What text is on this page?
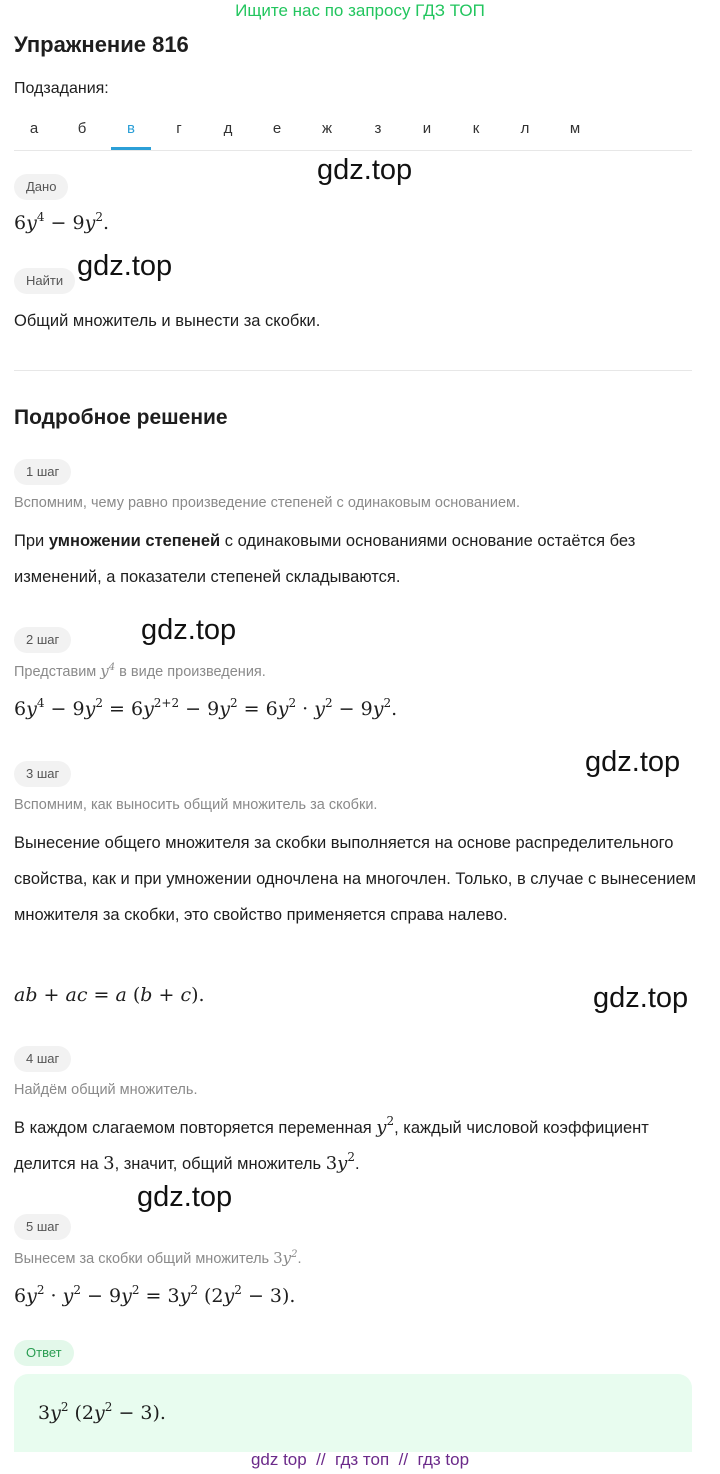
Ищите нас по запросу ГДЗ ТОП
Упражнение 816
Подзадания:
а	б	в	г	д	е	ж	з	и	к	л	м
gdz.top
gdz.top
gdz.top
gdz.top
gdz.top
gdz.top
Дано
$6y^4 - 9y^2$.
Найти
Общий множитель и вынести за скобки.
Подробное решение
1 шаг
Вспомним, чему равно произведение степеней с одинаковым основанием.
При умножении степеней с одинаковыми основаниями основание остаётся без изменений, а показатели степеней складываются.
2 шаг
Представим $y^4$ в виде произведения.
$6y^4 - 9y^2 = 6y^{2+2} - 9y^2 = 6y^2 \cdot y^2 - 9y^2$.
3 шаг
Вспомним, как выносить общий множитель за скобки.
Вынесение общего множителя за скобки выполняется на основе распределительного свойства, как и при умножении одночлена на многочлен. Только, в случае с вынесением множителя за скобки, это свойство применяется справа налево.
ab + ac = a (b + c).
4 шаг
Найдём общий множитель.
В каждом слагаемом повторяется переменная $y^2$, каждый числовой коэффициент делится на 3, значит, общий множитель $3y^2$.
5 шаг
Вынесем за скобки общий множитель $3y^2$.
$6y^2 \cdot y^2 - 9y^2 = 3y^2$ $(2y^2 - 3)$.
Ответ
$3y^2$ $(2y^2 - 3)$.
gdz top  //  гдз топ  //  гдз top
